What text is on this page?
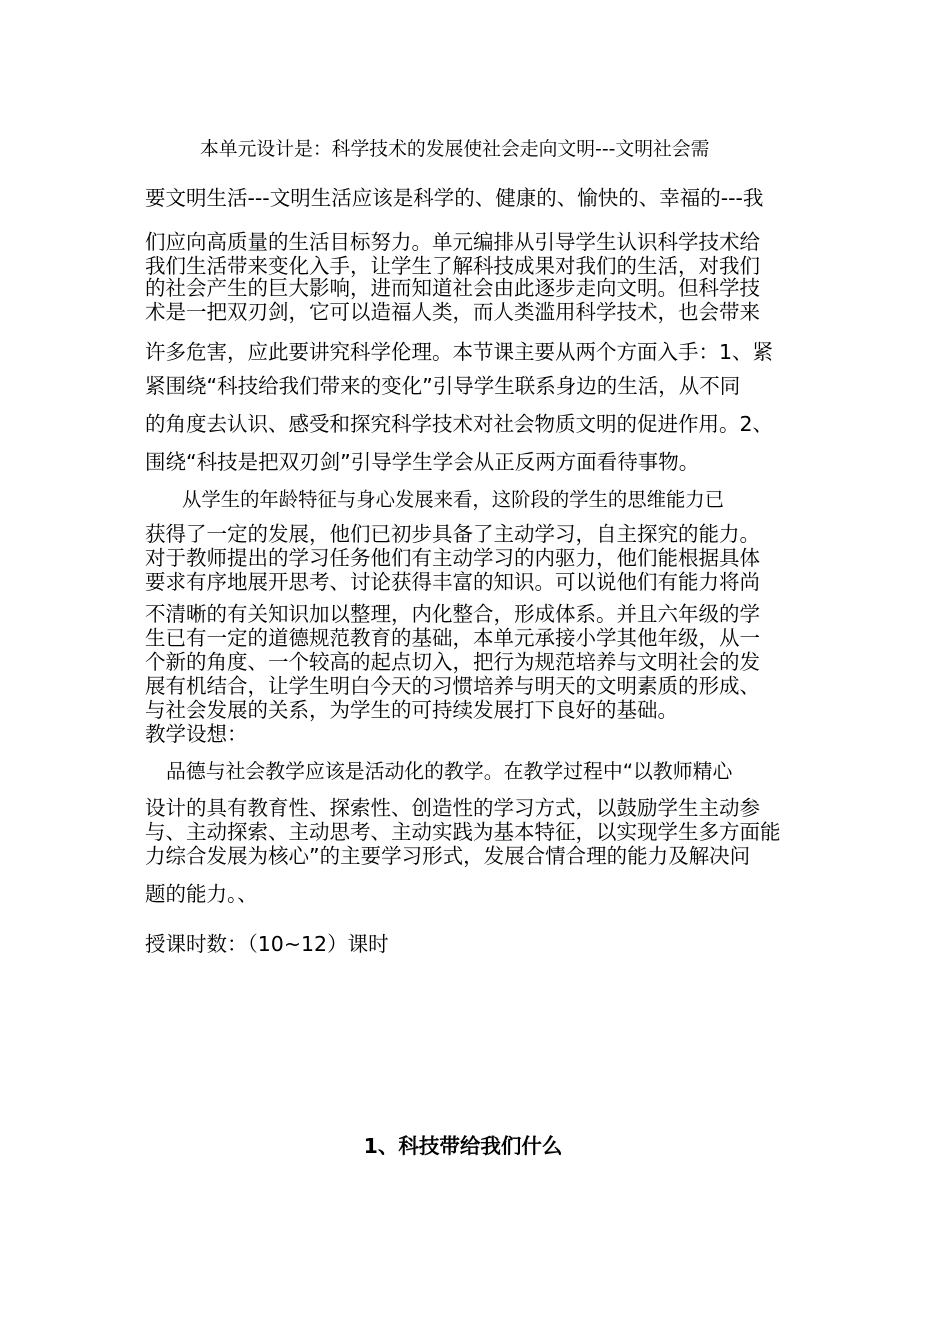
本单元设计是：科学技术的发展使社会走向文明---文明社会需
要文明生活---文明生活应该是科学的、健康的、愉快的、幸福的---我
们应向高质量的生活目标努力。单元编排从引导学生认识科学技术给
我们生活带来变化入手，让学生了解科技成果对我们的生活，对我们
的社会产生的巨大影响，进而知道社会由此逐步走向文明。但科学技
术是一把双刃剑，它可以造福人类，而人类滥用科学技术，也会带来
许多危害，应此要讲究科学伦理。本节课主要从两个方面入手：1、紧
紧围绕“科技给我们带来的变化”引导学生联系身边的生活，从不同
的角度去认识、感受和探究科学技术对社会物质文明的促进作用。2、
围绕“科技是把双刃剑”引导学生学会从正反两方面看待事物。
从学生的年龄特征与身心发展来看，这阶段的学生的思维能力已
获得了一定的发展，他们已初步具备了主动学习，自主探究的能力。
对于教师提出的学习任务他们有主动学习的内驱力，他们能根据具体
要求有序地展开思考、讨论获得丰富的知识。可以说他们有能力将尚
不清晰的有关知识加以整理，内化整合，形成体系。并且六年级的学
生已有一定的道德规范教育的基础，本单元承接小学其他年级，从一
个新的角度、一个较高的起点切入，把行为规范培养与文明社会的发
展有机结合，让学生明白今天的习惯培养与明天的文明素质的形成、
与社会发展的关系，为学生的可持续发展打下良好的基础。
教学设想：
品德与社会教学应该是活动化的教学。在教学过程中“以教师精心
设计的具有教育性、探索性、创造性的学习方式，以鼓励学生主动参
与、主动探索、主动思考、主动实践为基本特征，以实现学生多方面能
力综合发展为核心”的主要学习形式，发展合情合理的能力及解决问
题的能力。、
授课时数：（10~12）课时
1、科技带给我们什么
